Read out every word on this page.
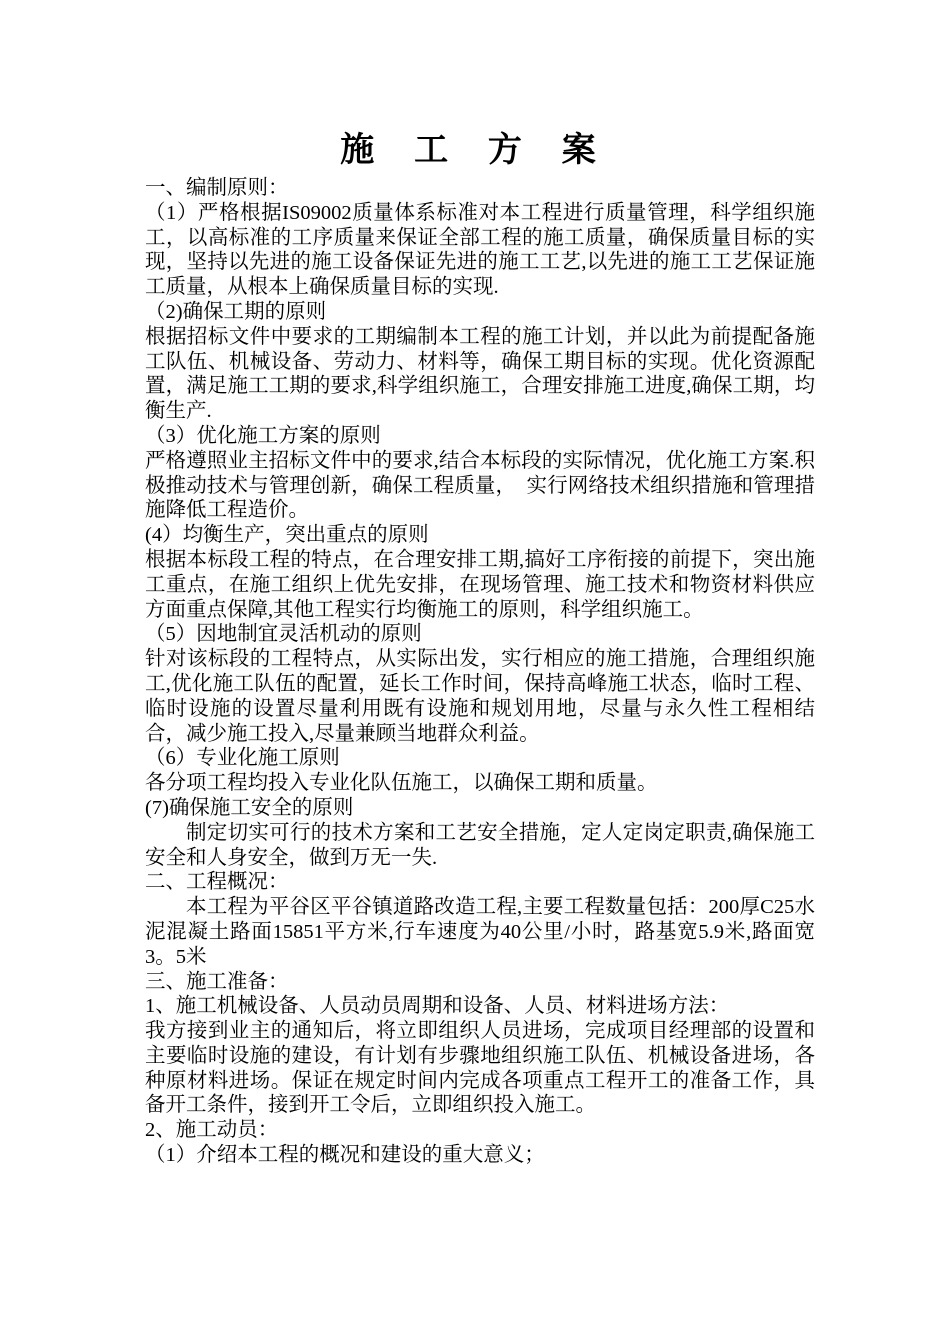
施 工 方 案

一、编制原则：

（1）严格根据IS09002质量体系标准对本工程进行质量管理，科学组织施工，以高标准的工序质量来保证全部工程的施工质量，确保质量目标的实现，坚持以先进的施工设备保证先进的施工工艺,以先进的施工工艺保证施工质量，从根本上确保质量目标的实现.

（2)确保工期的原则

根据招标文件中要求的工期编制本工程的施工计划，并以此为前提配备施工队伍、机械设备、劳动力、材料等，确保工期目标的实现。优化资源配置，满足施工工期的要求,科学组织施工，合理安排施工进度,确保工期，均衡生产.

（3）优化施工方案的原则

严格遵照业主招标文件中的要求,结合本标段的实际情况，优化施工方案.积极推动技术与管理创新，确保工程质量，　实行网络技术组织措施和管理措施降低工程造价。

(4）均衡生产，突出重点的原则

根据本标段工程的特点，在合理安排工期,搞好工序衔接的前提下，突出施工重点，在施工组织上优先安排，在现场管理、施工技术和物资材料供应方面重点保障,其他工程实行均衡施工的原则，科学组织施工。

（5）因地制宜灵活机动的原则

针对该标段的工程特点，从实际出发，实行相应的施工措施，合理组织施工,优化施工队伍的配置，延长工作时间，保持高峰施工状态，临时工程、临时设施的设置尽量利用既有设施和规划用地，尽量与永久性工程相结合，减少施工投入,尽量兼顾当地群众利益。

（6）专业化施工原则

各分项工程均投入专业化队伍施工，以确保工期和质量。

(7)确保施工安全的原则

制定切实可行的技术方案和工艺安全措施，定人定岗定职责,确保施工安全和人身安全，做到万无一失.

二、工程概况：

本工程为平谷区平谷镇道路改造工程,主要工程数量包括：200厚C25水泥混凝土路面15851平方米,行车速度为40公里/小时，路基宽5.9米,路面宽3。5米

三、施工准备：

1、施工机械设备、人员动员周期和设备、人员、材料进场方法：

我方接到业主的通知后，将立即组织人员进场，完成项目经理部的设置和主要临时设施的建设，有计划有步骤地组织施工队伍、机械设备进场，各种原材料进场。保证在规定时间内完成各项重点工程开工的准备工作，具备开工条件，接到开工令后，立即组织投入施工。

2、施工动员：

（1）介绍本工程的概况和建设的重大意义；
